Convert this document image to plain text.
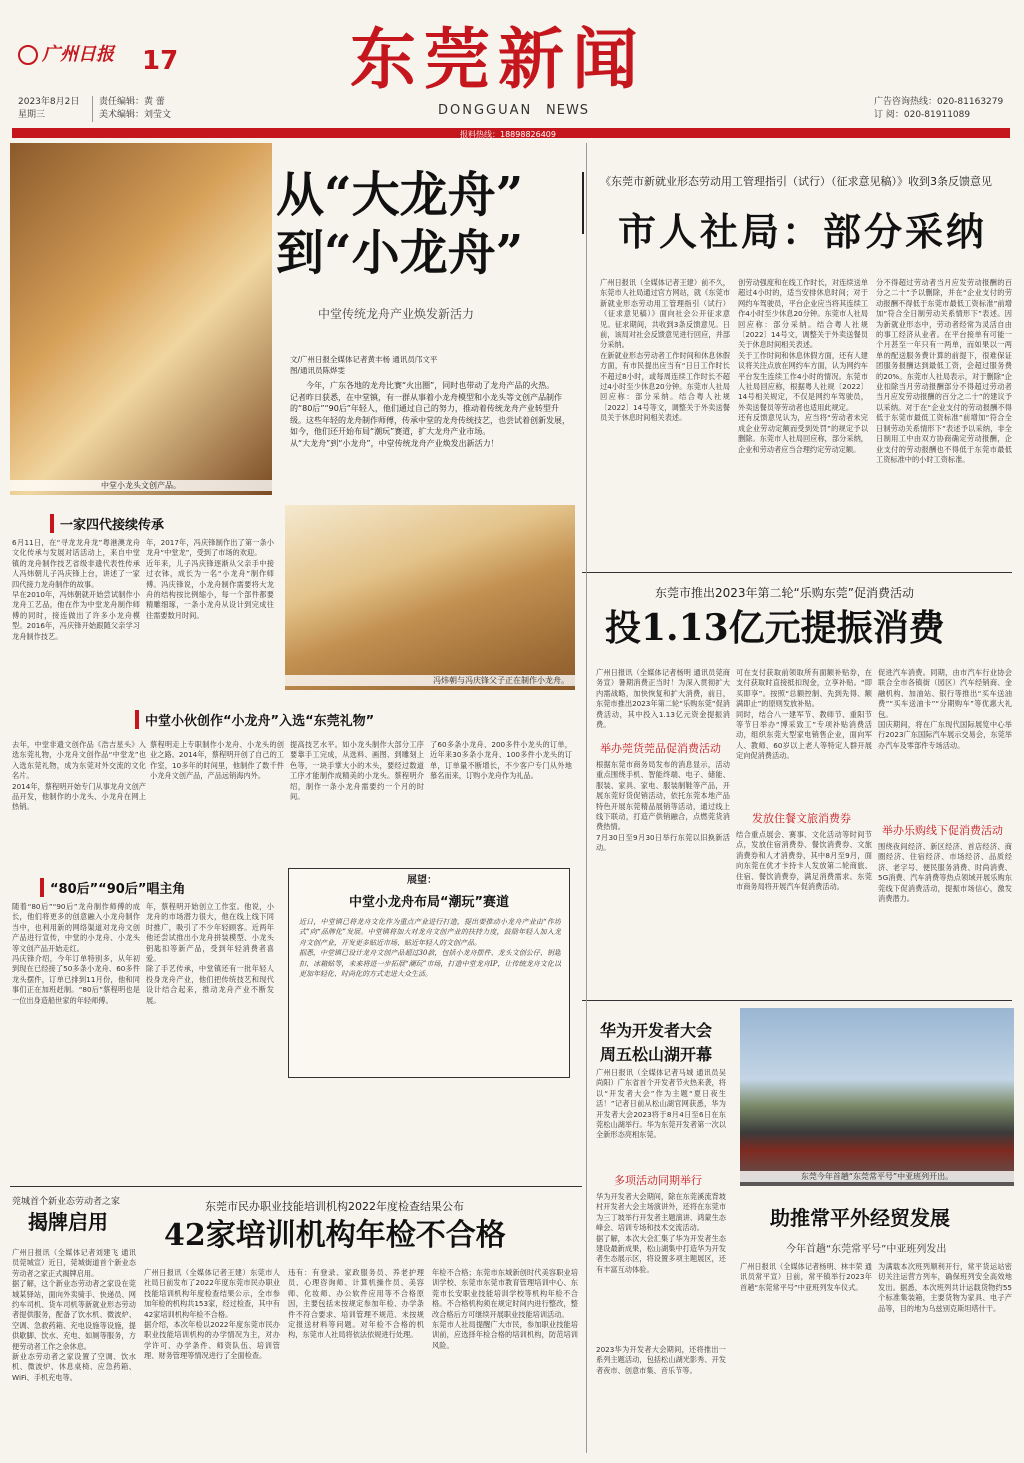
广州日报 17
2023年8月2日
星期三
责任编辑：黄 蕾
美术编辑：刘莹文
东莞新闻
DONGGUAN NEWS
广告咨询热线：020-81163279
订 阅：020-81911089
报料热线：18898826409
中堂小龙头文创产品。
从“大龙舟”
到“小龙舟”
中堂传统龙舟产业焕发新活力
文/广州日报全媒体记者黄丰杨 通讯员邝文平
图/通讯员陈烨雯
今年，广东各地的龙舟比赛“火出圈”，同时也带动了龙舟产品的火热。
记者昨日获悉，在中堂镇，有一群从事着小龙舟模型和小龙头等文创产品制作的“80后”“90后”年轻人，他们通过自己的努力，推动着传统龙舟产业转型升级。这些年轻的龙舟制作师傅，传承中堂的龙舟传统技艺，也尝试着创新发展，如今，他们还开始布局“潮玩”赛道，扩大龙舟产业市场。
从“大龙舟”到“小龙舟”，中堂传统龙舟产业焕发出新活力！
一家四代接续传承
6月11日，在“寻龙龙舟龙”粤港澳龙舟文化传承与发展对话活动上，来自中堂镇的龙舟制作技艺省级非遗代表性传承人冯炜朝儿子冯庆锋上台，讲述了一家四代接力龙舟制作的故事。
早在2010年，冯炜朝就开始尝试制作小龙舟工艺品，他在作为中堂龙舟制作师傅的同时，接连做出了许多小龙舟模型。2016年，冯庆锋开始跟随父亲学习龙舟制作技艺。
年，2017年，冯庆锋制作出了第一条小龙舟“中堂龙”，受到了市场的欢迎。
近年来，儿子冯庆锋逐渐从父亲手中接过衣钵，成长为一名“小龙舟”制作师傅。冯庆锋说，小龙舟制作需要将大龙舟的结构按比例缩小，每一个部件都要精雕细琢，一条小龙舟从设计到完成往往需要数月时间。
冯炜朝与冯庆锋父子正在制作小龙舟。
中堂小伙创作“小龙舟”入选“东莞礼物”
去年，中堂非遗文创作品《浩吉星头》入选东莞礼物，小龙舟文创作品“中堂龙”也入选东莞礼物，成为东莞对外交流的文化名片。
2014年，蔡程明开始专门从事龙舟文创产品开发，他制作的小龙头、小龙舟在网上热销。
蔡程明走上专职制作小龙舟、小龙头的创业之路。2014年，蔡程明开创了自己的工作室，10多年的时间里，他制作了数千件小龙舟文创产品，产品远销海内外。
提高技艺水平。如小龙头制作大部分工序要靠手工完成，从选料、画图、到雕刻上色等，一块手掌大小的木头，要经过数道工序才能制作成精美的小龙头。蔡程明介绍，制作一条小龙舟需要约一个月的时间。
了60多条小龙舟、200多件小龙头的订单，近年来30多条小龙舟、100多件小龙头的订单，订单量不断增长，不少客户专门从外地慕名而来，订购小龙舟作为礼品。
“80后”“90后”唱主角
随着“80后”“90后”龙舟制作师傅的成长，他们将更多的创意融入小龙舟制作当中，也利用新的网络渠道对龙舟文创产品进行宣传，中堂的小龙舟、小龙头等文创产品开始走红。
冯庆锋介绍，今年订单特别多，从年初到现在已经接了50多条小龙舟、60多件龙头摆件，订单已排到11月份，他和同事们正在加班赶制。“80后”蔡程明也是一位出身造船世家的年轻师傅。
年，蔡程明开始创立工作室。他说，小龙舟的市场潜力很大，他在线上线下同时推广，吸引了不少年轻顾客。近两年他还尝试推出小龙舟拼装模型、小龙头钥匙扣等新产品，受到年轻消费者喜爱。
除了手艺传承，中堂镇还有一批年轻人投身龙舟产业，他们把传统技艺和现代设计结合起来，推动龙舟产业不断发展。
展望：
中堂小龙舟布局“潮玩”赛道
近日，中堂镇已将龙舟文化作为重点产业进行打造，提出要推动小龙舟产业由“作坊式”向“品牌化”发展。中堂镇将加大对龙舟文创产业的扶持力度，鼓励年轻人加入龙舟文创产业，开发更多贴近市场、贴近年轻人的文创产品。
据悉，中堂镇已设计龙舟文创产品超过30款，包括小龙舟摆件、龙头文创公仔、钥匙扣、冰箱贴等，未来将进一步拓展“潮玩”市场，打造中堂龙舟IP，让传统龙舟文化以更加年轻化、时尚化的方式走进大众生活。
《东莞市新就业形态劳动用工管理指引（试行）（征求意见稿）》收到3条反馈意见
市人社局：部分采纳
广州日报讯（全媒体记者王建）前不久，东莞市人社局通过官方网站，就《东莞市新就业形态劳动用工管理指引（试行）（征求意见稿）》面向社会公开征求意见。征求期间，共收到3条反馈意见。日前，该局对社会反馈意见进行回应，并部分采纳。
在新就业形态劳动者工作时间和休息休假方面，有市民提出应当有“日日工作时长不超过8小时，或每周连续工作时长不超过4小时至少休息20分钟。东莞市人社局回应称：部分采纳。结合粤人社规〔2022〕14号等文，调整关于外卖送餐员关于休息时间相关表述。
创劳动强度和在线工作时长，对连续送单超过4小时的，适当安排休息时间；对于网约车驾驶员，平台企业应当将其连续工作4小时至少休息20分钟。东莞市人社局回应称：部分采纳。结合粤人社规〔2022〕14号文，调整关于外卖送餐员关于休息时间相关表述。
关于工作时间和休息休假方面，还有人建议将关注点放在网约车方面，认为网约车平台发生连续工作4小时的情况。东莞市人社局回应称，根据粤人社规〔2022〕14号相关规定，不仅是网约车驾驶员，外卖送餐员等劳动者也适用此规定。
还有反馈意见认为，应当将“劳动者未完成企业劳动定额而受到处罚”的规定予以删除。东莞市人社局回应称，部分采纳，企业和劳动者应当合理约定劳动定额。
分不得超过劳动者当月应发劳动报酬的百分之二十”予以删除，并在“企业支付的劳动报酬不得低于东莞市最低工资标准”前增加“符合全日制劳动关系情形下”表述。因为新就业形态中，劳动者经常为灵活自由的事工经济从业者。在平台接单有可能一个月甚至一年只有一两单，而如果以一两单的配送服务费计算的前提下，很难保证团服务报酬达到最低工资，会超过服务费的20%。东莞市人社局表示，对于删除“企业扣除当月劳动报酬部分不得超过劳动者当月应发劳动报酬的百分之二十”的建议予以采纳。对于在“企业支付的劳动报酬不得低于东莞市最低工资标准”前增加“符合全日制劳动关系情形下”表述予以采纳，非全日制用工中由双方协商确定劳动报酬，企业支付的劳动报酬也不得低于东莞市最低工资标准中的小时工资标准。
东莞市推出2023年第二轮“乐购东莞”促消费活动
投1.13亿元提振消费
广州日报讯（全媒体记者杨明 通讯员莞商务宣）暑期消费正当时！为深入贯彻扩大内需战略，加快恢复和扩大消费，前日，东莞市推出2023年第二轮“乐购东莞”促消费活动，其中投入1.13亿元资金提振消费。
举办莞货莞品促消费活动
根据东莞市商务局发布的消息显示，活动重点围绕手机、智能终端、电子、储能、服装、家具、家电、服装制鞋等产品，开展东莞好货促销活动，依托东莞本地产品特色开展东莞精品展销等活动，通过线上线下联动，打造产供销融合，点燃莞货消费热情。
7月30日至9月30日举行东莞以旧换新活动。
可在支付获取前领取所有面额补贴券，在支付获取时直接抵扣现金，立享补贴。“即买即享”。按照“总额控制、先到先得、额满即止”的原则发放补贴。
同时，结合八一建军节、教师节、重阳节等节日举办“博采致工”专项补贴消费活动，组织东莞大型家电销售企业，面向军人、教师、60岁以上老人等特定人群开展定向促消费活动。
发放住餐文旅消费券
结合重点展会、赛事、文化活动等时间节点，发放住宿消费券、餐饮消费券、文旅消费券和人才消费券，其中8月至9月，面向东莞在优才卡持卡人发放第二轮商旅、住宿、餐饮消费券，满足消费需求。东莞市商务局将开展汽车促消费活动。
促进汽车消费。同期，由市汽车行业协会联合全市各镇街（园区）汽车经销商、金融机构、加油站、银行等推出“买车送油费”“买车送油卡”“分期购车”等优惠大礼包。
国庆期间，将在广东现代国际展览中心举行2023广东国际汽车展示交易会，东莞举办汽车及零部件专场活动。
举办乐购线下促消费活动
围绕夜间经济、新区经济、首店经济、商圈经济、住宿经济、市场经济、品质经济、老字号、便民服务消费、时尚消费、5G消费、汽车消费等热点领域开展乐购东莞线下促消费活动，提振市场信心，激发消费潜力。
华为开发者大会
周五松山湖开幕
广州日报讯（全媒体记者马城 通讯员吴尚阳）广东省首个开发者节火热来袭，将以“开发者大会”作为主题“夏日夜生活！”记者日前从松山湖官网获悉，华为开发者大会2023将于8月4日至6日在东莞松山湖举行。华为东莞开发者第一次以全新形态亮相东莞。
多项活动同期举行
华为开发者大会期间，除在东莞溪流背坡村开发者大会主场演讲外，还将在东莞市为三丁坡举行开发者主题演讲、鸿蒙生态峰会、培训专场和技术交流活动。
据了解，本次大会汇集了华为开发者生态建设最新成果，松山湖集中打造华为开发者生态展示区，将设置多项主题展区，还有丰富互动体验。
2023华为开发者大会期间，还将推出一系列主题活动，包括松山湖光影秀、开发者夜市、创意市集、音乐节等。
东莞今年首趟“东莞常平号”中亚班列开出。
助推常平外经贸发展
今年首趟“东莞常平号”中亚班列发出
广州日报讯（全媒体记者杨明、林丰荣 通讯员常平宣）日前，常平镇举行2023年首趟“东莞常平号”中亚班列发车仪式。
为满载本次班列顺利开行，常平货运站密切关注运营方列车，确保班列安全高效地发出。据悉，本次班列共计运载货物约55个标准集装箱，主要货物为家具、电子产品等，目的地为乌兹别克斯坦塔什干。
莞城首个新业态劳动者之家
揭牌启用
广州日报讯（全媒体记者刘建飞 通讯员莞城宣）近日，莞城街道首个新业态劳动者之家正式揭牌启用。
据了解，这个新业态劳动者之家设在莞城某驿站，面向外卖骑手、快递员、网约车司机、货车司机等新就业形态劳动者提供服务，配备了饮水机、微波炉、空调、急救药箱、充电设施等设施，提供歇脚、饮水、充电、如厕等服务，方便劳动者工作之余休息。
新业态劳动者之家设置了空调、饮水机、微波炉、休息桌椅、应急药箱、WiFi、手机充电等。
东莞市民办职业技能培训机构2022年度检查结果公布
42家培训机构年检不合格
广州日报讯（全媒体记者王建）东莞市人社局日前发布了2022年度东莞市民办职业技能培训机构年度检查结果公示，全市参加年检的机构共153家，经过检查，其中有42家培训机构年检不合格。
据介绍，本次年检以2022年度东莞市民办职业技能培训机构的办学情况为主，对办学许可、办学条件、师资队伍、培训管理、财务管理等情况进行了全面检查。
违有：有登录、家政服务员、养老护理员、心理咨询师、计算机操作员、美容师、化妆师、办公软件应用等不合格原因，主要包括未按规定参加年检、办学条件不符合要求、培训管理不规范、未按规定报送材料等问题。对年检不合格的机构，东莞市人社局将依法依规进行处理。
年检不合格；东莞市东城新创时代美容职业培训学校、东莞市东莞市教育管理培训中心、东莞市长安职业技能培训学校等机构年检不合格。不合格机构须在规定时间内进行整改，整改合格后方可继续开展职业技能培训活动。
东莞市人社局提醒广大市民，参加职业技能培训前，应选择年检合格的培训机构，防范培训风险。
